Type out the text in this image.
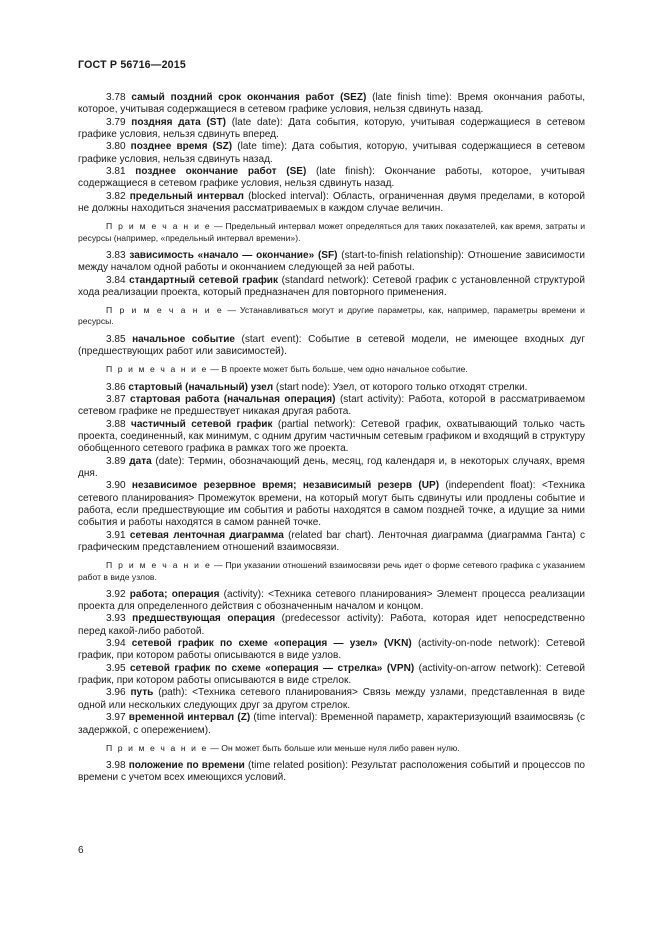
ГОСТ Р 56716—2015

3.78 самый поздний срок окончания работ (SEZ) (late finish time): Время окончания работы, которое, учитывая содержащиеся в сетевом графике условия, нельзя сдвинуть назад.

3.79 поздняя дата (ST) (late date): Дата события, которую, учитывая содержащиеся в сетевом графике условия, нельзя сдвинуть вперед.

3.80 позднее время (SZ) (late time): Дата события, которую, учитывая содержащиеся в сетевом графике условия, нельзя сдвинуть назад.

3.81 позднее окончание работ (SE) (late finish): Окончание работы, которое, учитывая содержащиеся в сетевом графике условия, нельзя сдвинуть назад.

3.82 предельный интервал (blocked interval): Область, ограниченная двумя пределами, в которой не должны находиться значения рассматриваемых в каждом случае величин.

П р и м е ч а н и е — Предельный интервал может определяться для таких показателей, как время, затраты и ресурсы (например, «предельный интервал времени»).

3.83 зависимость «начало — окончание» (SF) (start-to-finish relationship): Отношение зависимости между началом одной работы и окончанием следующей за ней работы.

3.84 стандартный сетевой график (standard network): Сетевой график с установленной структурой хода реализации проекта, который предназначен для повторного применения.

П р и м е ч а н и е — Устанавливаться могут и другие параметры, как, например, параметры времени и ресурсы.

3.85 начальное событие (start event): Событие в сетевой модели, не имеющее входных дуг (предшествующих работ или зависимостей).

П р и м е ч а н и е — В проекте может быть больше, чем одно начальное событие.

3.86 стартовый (начальный) узел (start node): Узел, от которого только отходят стрелки.

3.87 стартовая работа (начальная операция) (start activity): Работа, которой в рассматриваемом сетевом графике не предшествует никакая другая работа.

3.88 частичный сетевой график (partial network): Сетевой график, охватывающий только часть проекта, соединенный, как минимум, с одним другим частичным сетевым графиком и входящий в структуру обобщенного сетевого графика в рамках того же проекта.

3.89 дата (date): Термин, обозначающий день, месяц, год календаря и, в некоторых случаях, время дня.

3.90 независимое резервное время; независимый резерв (UP) (independent float): <Техника сетевого планирования> Промежуток времени, на который могут быть сдвинуты или продлены событие и работа, если предшествующие им события и работы находятся в самом поздней точке, а идущие за ними события и работы находятся в самом ранней точке.

3.91 сетевая ленточная диаграмма (related bar chart). Ленточная диаграмма (диаграмма Ганта) с графическим представлением отношений взаимосвязи.

П р и м е ч а н и е — При указании отношений взаимосвязи речь идет о форме сетевого графика с указанием работ в виде узлов.

3.92 работа; операция (activity): <Техника сетевого планирования> Элемент процесса реализации проекта для определенного действия с обозначенным началом и концом.

3.93 предшествующая операция (predecessor activity): Работа, которая идет непосредственно перед какой-либо работой.

3.94 сетевой график по схеме «операция — узел» (VKN) (activity-on-node network): Сетевой график, при котором работы описываются в виде узлов.

3.95 сетевой график по схеме «операция — стрелка» (VPN) (activity-on-arrow network): Сетевой график, при котором работы описываются в виде стрелок.

3.96 путь (path): <Техника сетевого планирования> Связь между узлами, представленная в виде одной или нескольких следующих друг за другом стрелок.

3.97 временной интервал (Z) (time interval): Временной параметр, характеризующий взаимосвязь (с задержкой, с опережением).

П р и м е ч а н и е — Он может быть больше или меньше нуля либо равен нулю.

3.98 положение по времени (time related position): Результат расположения событий и процессов по времени с учетом всех имеющихся условий.

6
